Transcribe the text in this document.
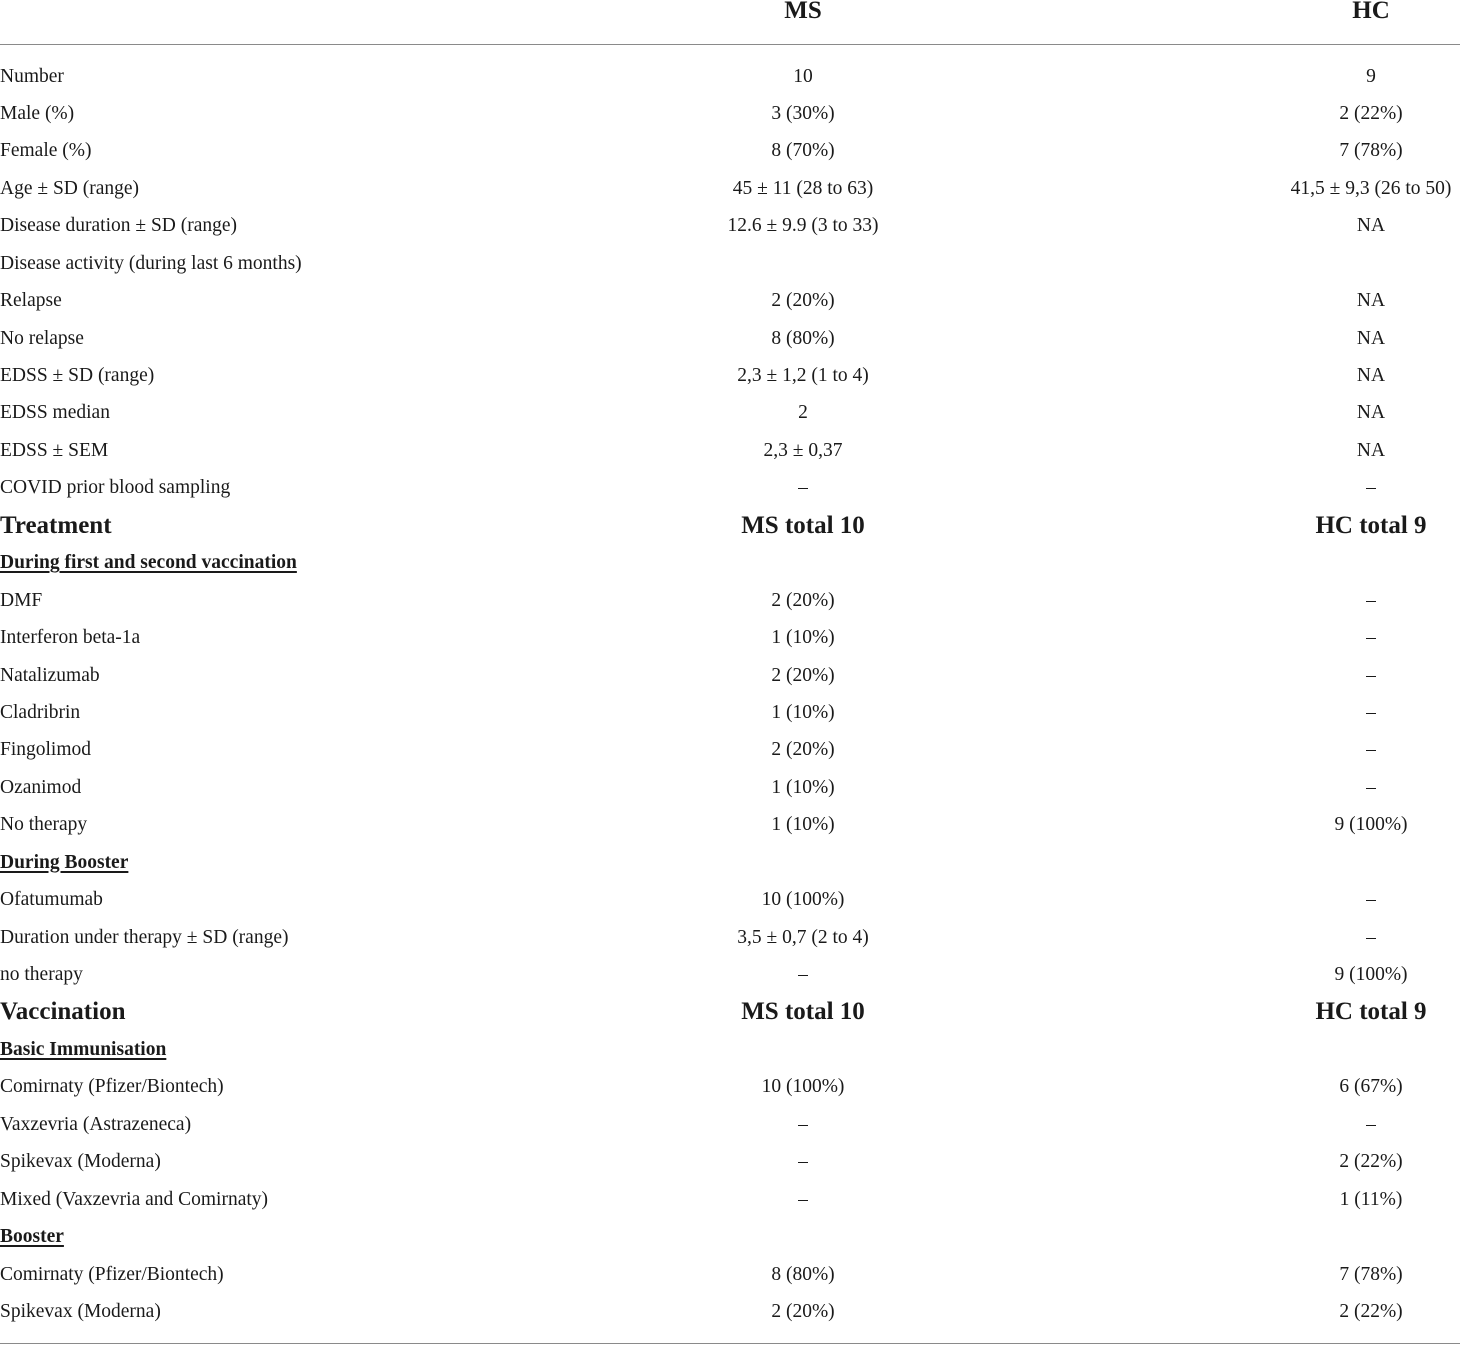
MS	HC
Number	10	9
Male (%)	3 (30%)	2 (22%)
Female (%)	8 (70%)	7 (78%)
Age ± SD (range)	45 ± 11 (28 to 63)	41,5 ± 9,3 (26 to 50)
Disease duration ± SD (range)	12.6 ± 9.9 (3 to 33)	NA
Disease activity (during last 6 months)
Relapse	2 (20%)	NA
No relapse	8 (80%)	NA
EDSS ± SD (range)	2,3 ± 1,2 (1 to 4)	NA
EDSS median	2	NA
EDSS ± SEM	2,3 ± 0,37	NA
COVID prior blood sampling	–	–
Treatment	MS total 10	HC total 9
During first and second vaccination
DMF	2 (20%)	–
Interferon beta-1a	1 (10%)	–
Natalizumab	2 (20%)	–
Cladribrin	1 (10%)	–
Fingolimod	2 (20%)	–
Ozanimod	1 (10%)	–
No therapy	1 (10%)	9 (100%)
During Booster
Ofatumumab	10 (100%)	–
Duration under therapy ± SD (range)	3,5 ± 0,7 (2 to 4)	–
no therapy	–	9 (100%)
Vaccination	MS total 10	HC total 9
Basic Immunisation
Comirnaty (Pfizer/Biontech)	10 (100%)	6 (67%)
Vaxzevria (Astrazeneca)	–	–
Spikevax (Moderna)	–	2 (22%)
Mixed (Vaxzevria and Comirnaty)	–	1 (11%)
Booster
Comirnaty (Pfizer/Biontech)	8 (80%)	7 (78%)
Spikevax (Moderna)	2 (20%)	2 (22%)
